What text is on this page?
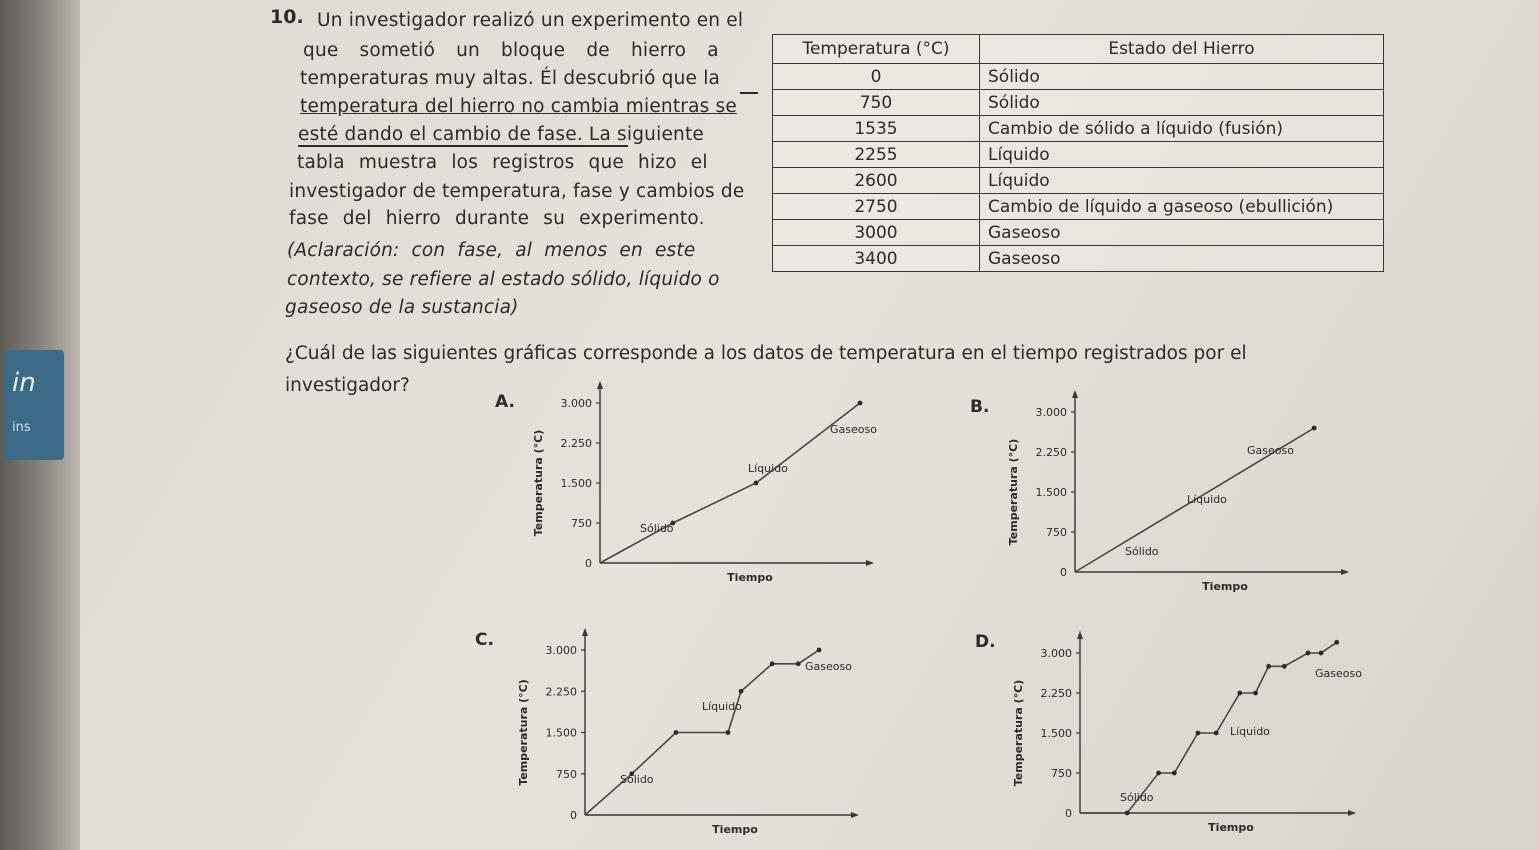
in
ins
10. Un investigador realizó un experimento en el
que sometió un bloque de hierro a
temperaturas muy altas. Él descubrió que la
temperatura del hierro no cambia mientras se
esté dando el cambio de fase. La siguiente
tabla muestra los registros que hizo el
investigador de temperatura, fase y cambios de
fase del hierro durante su experimento.
(Aclaración: con fase, al menos en este
contexto, se refiere al estado sólido, líquido o
gaseoso de la sustancia)
Temperatura (°C)	Estado del Hierro
0	Sólido
750	Sólido
1535	Cambio de sólido a líquido (fusión)
2255	Líquido
2600	Líquido
2750	Cambio de líquido a gaseoso (ebullición)
3000	Gaseoso
3400	Gaseoso
¿Cuál de las siguientes gráficas corresponde a los datos de temperatura en el tiempo registrados por el
investigador?
A.	3.000
2.250
1.500
750
0
Temperatura (°C)
Tiempo
Sólido
Líquido
Gaseoso
B.	3.000
2.250
1.500
750
0
Temperatura (°C)
Tiempo
Sólido
Líquido
Gaseoso
C.
3.000
2.250
1.500
750
0
Temperatura (°C)
Tiempo
Sólido
Líquido
Gaseoso
D.
3.000
2.250
1.500
750
0
Temperatura (°C)
Tiempo
Sólido
Líquido
Gaseoso
